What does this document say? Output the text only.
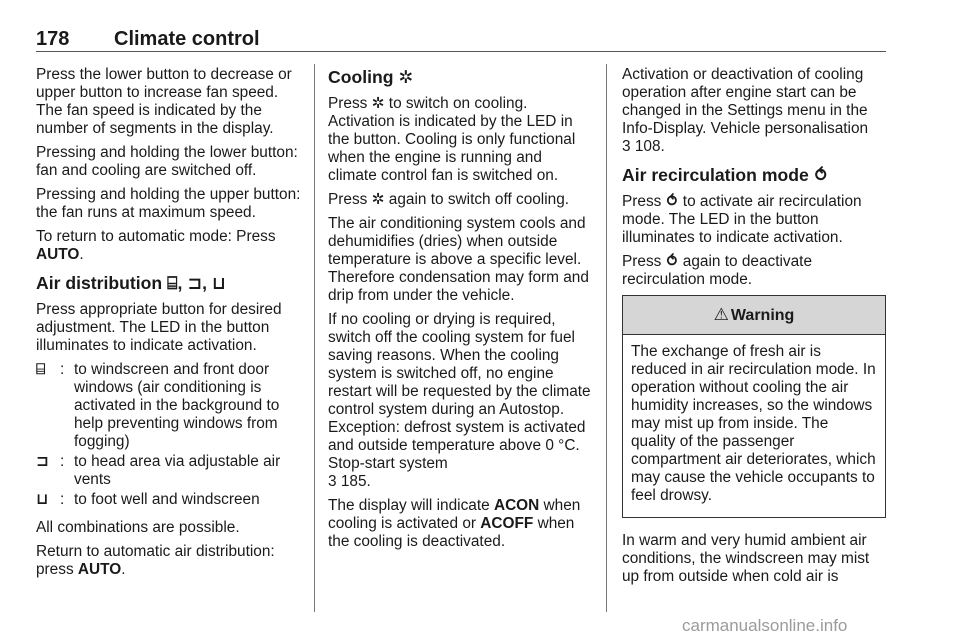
178 Climate control

Press the lower button to decrease or upper button to increase fan speed. The fan speed is indicated by the number of segments in the display.

Pressing and holding the lower button: fan and cooling are switched off.

Pressing and holding the upper button: the fan runs at maximum speed.

To return to automatic mode: Press AUTO.

Air distribution ⌸, ⊐, ⊔

Press appropriate button for desired adjustment. The LED in the button illuminates to indicate activation.

⌸ : to windscreen and front door windows (air conditioning is activated in the background to help preventing windows from fogging)
⊐ : to head area via adjustable air vents
⊔ : to foot well and windscreen

All combinations are possible.

Return to automatic air distribution: press AUTO.

Cooling ✲

Press ✲ to switch on cooling. Activation is indicated by the LED in the button. Cooling is only functional when the engine is running and climate control fan is switched on.

Press ✲ again to switch off cooling.

The air conditioning system cools and dehumidifies (dries) when outside temperature is above a specific level. Therefore condensation may form and drip from under the vehicle.

If no cooling or drying is required, switch off the cooling system for fuel saving reasons. When the cooling system is switched off, no engine restart will be requested by the climate control system during an Autostop. Exception: defrost system is activated and outside temperature above 0 °C. Stop-start system
3 185.

The display will indicate ACON when cooling is activated or ACOFF when the cooling is deactivated.

Activation or deactivation of cooling operation after engine start can be changed in the Settings menu in the Info-Display. Vehicle personalisation
3 108.

Air recirculation mode ⥀

Press ⥀ to activate air recirculation mode. The LED in the button illuminates to indicate activation.

Press ⥀ again to deactivate recirculation mode.

⚠ Warning
The exchange of fresh air is reduced in air recirculation mode. In operation without cooling the air humidity increases, so the windows may mist up from inside. The quality of the passenger compartment air deteriorates, which may cause the vehicle occupants to feel drowsy.

In warm and very humid ambient air conditions, the windscreen may mist up from outside when cold air is

carmanualsonline.info
